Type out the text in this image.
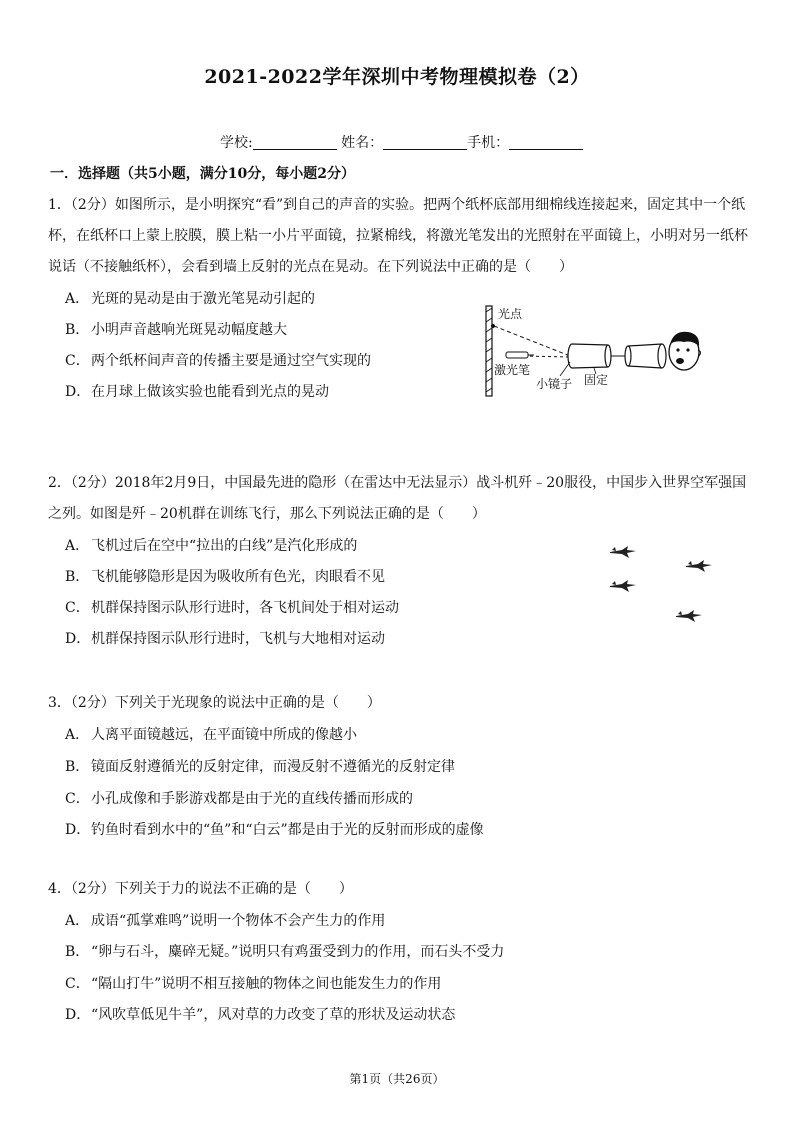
2021-2022学年深圳中考物理模拟卷（2）
学校:	姓名：	手机：
一．选择题（共5小题，满分10分，每小题2分）
1．（2分）如图所示，是小明探究“看”到自己的声音的实验。把两个纸杯底部用细棉线连接起来，固定其中一个纸杯，在纸杯口上蒙上胶膜，膜上粘一小片平面镜，拉紧棉线，将激光笔发出的光照射在平面镜上，小明对另一纸杯说话（不接触纸杯），会看到墙上反射的光点在晃动。在下列说法中正确的是（　　）
A． 光斑的晃动是由于激光笔晃动引起的
B． 小明声音越响光斑晃动幅度越大
C．两个纸杯间声音的传播主要是通过空气实现的
D．在月球上做该实验也能看到光点的晃动
光点
激光笔
小镜子 固定
2．（2分）2018年2月9日，中国最先进的隐形（在雷达中无法显示）战斗机歼﹣20服役，中国步入世界空军强国之列。如图是歼﹣20机群在训练飞行，那么下列说法正确的是（　　）
A． 飞机过后在空中“拉出的白线”是汽化形成的
B． 飞机能够隐形是因为吸收所有色光，肉眼看不见
C．机群保持图示队形行进时，各飞机间处于相对运动
D．机群保持图示队形行进时，飞机与大地相对运动
3．（2分）下列关于光现象的说法中正确的是（　　）
A． 人离平面镜越远，在平面镜中所成的像越小
B． 镜面反射遵循光的反射定律，而漫反射不遵循光的反射定律
C．小孔成像和手影游戏都是由于光的直线传播而形成的
D．钓鱼时看到水中的“鱼”和“白云”都是由于光的反射而形成的虚像
4．（2分）下列关于力的说法不正确的是（　　）
A． 成语“孤掌难鸣”说明一个物体不会产生力的作用
B． “卵与石斗，麋碎无疑。”说明只有鸡蛋受到力的作用，而石头不受力
C．“隔山打牛”说明不相互接触的物体之间也能发生力的作用
D．“风吹草低见牛羊”，风对草的力改变了草的形状及运动状态
第1页（共26页）
